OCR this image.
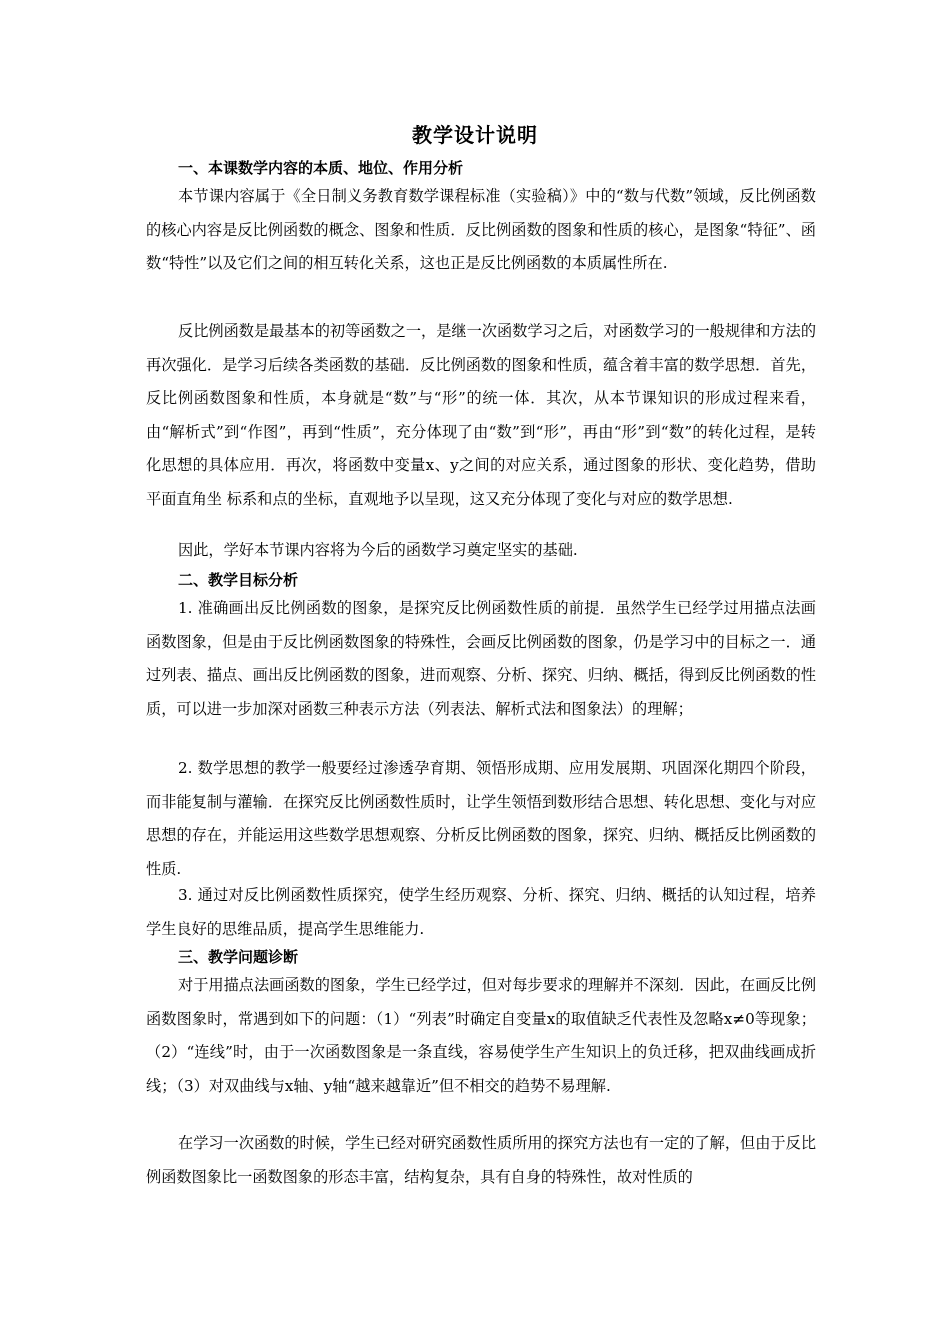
教学设计说明
一、本课数学内容的本质、地位、作用分析
本节课内容属于《全日制义务教育数学课程标准（实验稿）》中的“数与代数”领域，反比例函数的核心内容是反比例函数的概念、图象和性质．反比例函数的图象和性质的核心，是图象“特征”、函数“特性”以及它们之间的相互转化关系，这也正是反比例函数的本质属性所在.
反比例函数是最基本的初等函数之一，是继一次函数学习之后，对函数学习的一般规律和方法的再次强化．是学习后续各类函数的基础．反比例函数的图象和性质，蕴含着丰富的数学思想．首先，反比例函数图象和性质，本身就是“数”与“形”的统一体．其次，从本节课知识的形成过程来看，由“解析式”到“作图”，再到“性质”，充分体现了由“数”到“形”，再由“形”到“数”的转化过程，是转化思想的具体应用．再次，将函数中变量x、y之间的对应关系，通过图象的形状、变化趋势，借助平面直角坐 标系和点的坐标，直观地予以呈现，这又充分体现了变化与对应的数学思想.
因此，学好本节课内容将为今后的函数学习奠定坚实的基础.
二、教学目标分析
1. 准确画出反比例函数的图象，是探究反比例函数性质的前提．虽然学生已经学过用描点法画函数图象，但是由于反比例函数图象的特殊性，会画反比例函数的图象，仍是学习中的目标之一．通过列表、描点、画出反比例函数的图象，进而观察、分析、探究、归纳、概括，得到反比例函数的性质，可以进一步加深对函数三种表示方法（列表法、解析式法和图象法）的理解；
2. 数学思想的教学一般要经过渗透孕育期、领悟形成期、应用发展期、巩固深化期四个阶段，而非能复制与灌输．在探究反比例函数性质时，让学生领悟到数形结合思想、转化思想、变化与对应思想的存在，并能运用这些数学思想观察、分析反比例函数的图象，探究、归纳、概括反比例函数的性质.
3. 通过对反比例函数性质探究，使学生经历观察、分析、探究、归纳、概括的认知过程，培养学生良好的思维品质，提高学生思维能力.
三、教学问题诊断
对于用描点法画函数的图象，学生已经学过，但对每步要求的理解并不深刻．因此，在画反比例函数图象时，常遇到如下的问题：（1）“列表”时确定自变量x的取值缺乏代表性及忽略x≠0等现象；（2）“连线”时，由于一次函数图象是一条直线，容易使学生产生知识上的负迁移，把双曲线画成折线；（3）对双曲线与x轴、y轴“越来越靠近”但不相交的趋势不易理解.
在学习一次函数的时候，学生已经对研究函数性质所用的探究方法也有一定的了解，但由于反比例函数图象比一函数图象的形态丰富，结构复杂，具有自身的特殊性，故对性质的
